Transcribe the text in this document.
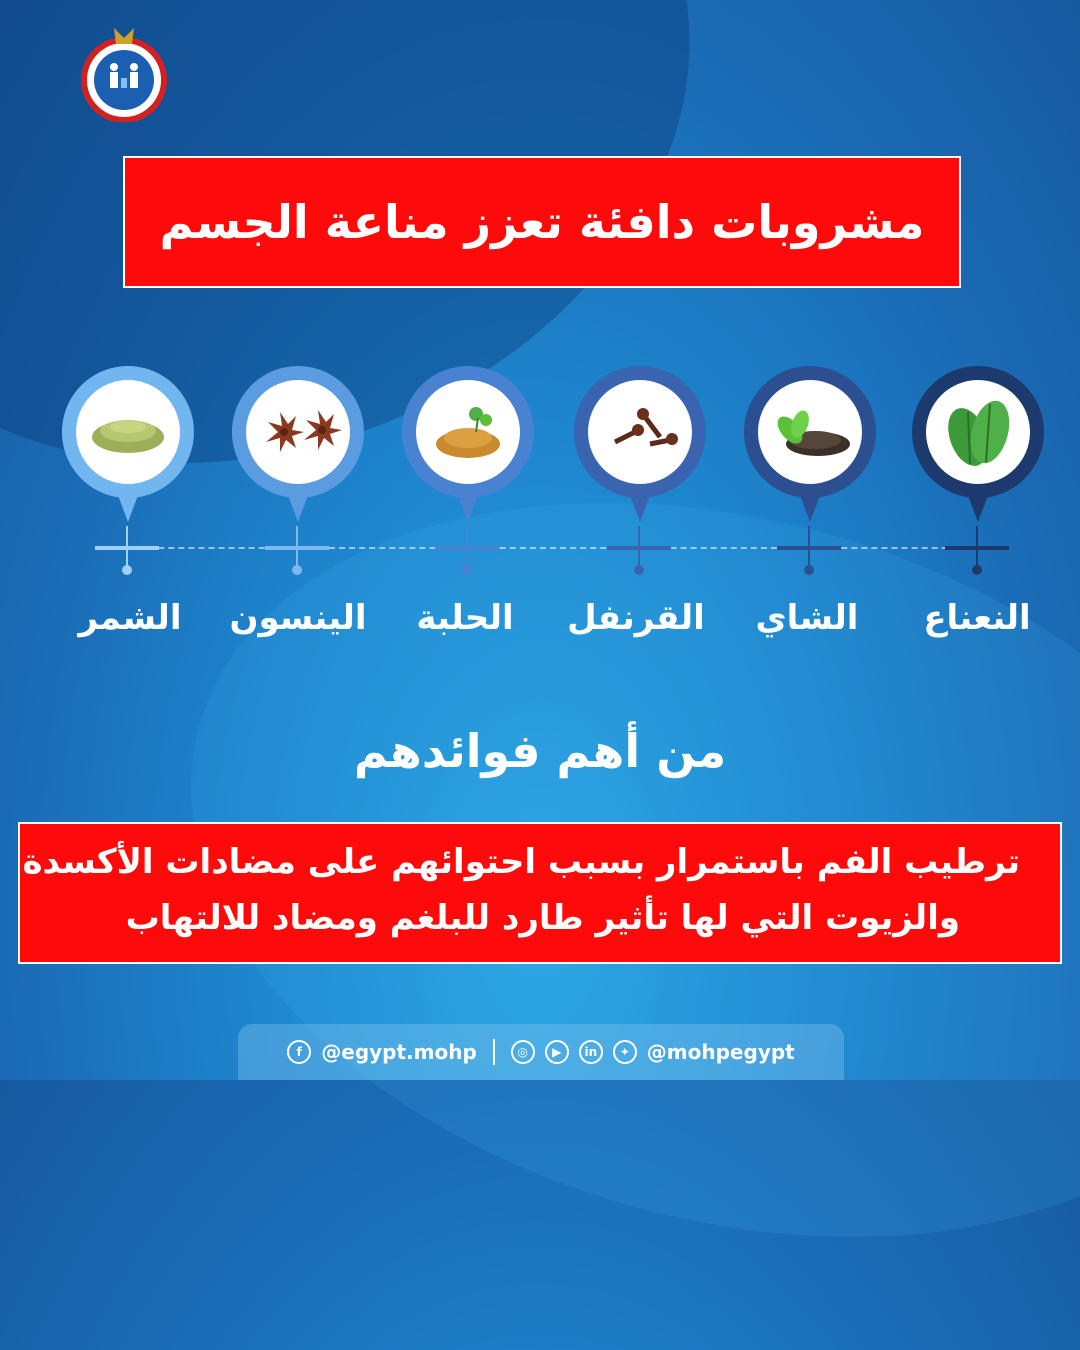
مشروبات دافئة تعزز مناعة الجسم
النعناع
الشاي
القرنفل
الحلبة
الينسون
الشمر
من أهم فوائدهم
ترطيب الفم باستمرار بسبب احتوائهم على مضادات الأكسدة
والزيوت التي لها تأثير طارد للبلغم ومضاد للالتهاب
f @egypt.mohp	◎	▶	in	✦ @mohpegypt
